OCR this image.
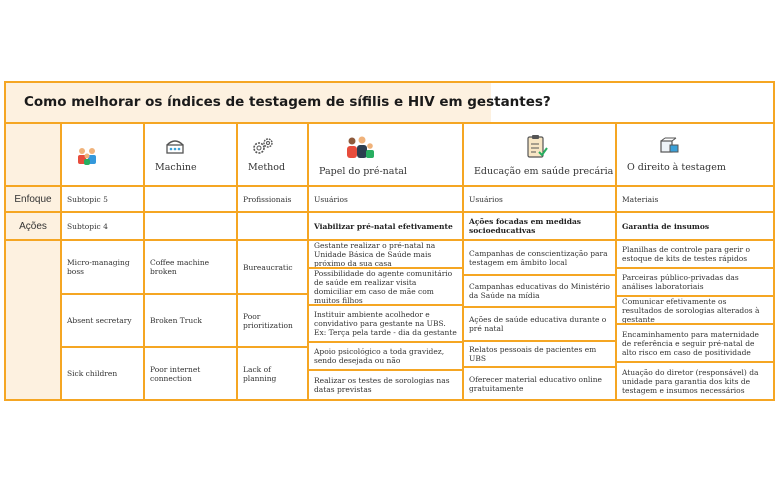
Como melhorar os índices de testagem de sífilis e HIV em gestantes?
Enfoque
Ações
Subtopic 5
Subtopic 4
Micro-managing boss
Absent secretary
Sick children
Machine
Coffee machine broken
Broken Truck
Poor internet connection
Method
Profissionais
Bureaucratic
Poor prioritization
Lack of planning
Papel do pré-natal
Usuários
Viabilizar pré-natal efetivamente
Gestante realizar o pré-natal na Unidade Básica de Saúde mais próximo da sua casa
Possibilidade do agente comunitário de saúde em realizar visita domiciliar em caso de mãe com muitos filhos
Instituir ambiente acolhedor e convidativo para gestante na UBS. Ex: Terça pela tarde - dia da gestante
Apoio psicológico a toda gravidez, sendo desejada ou não
Realizar os testes de sorologias nas datas previstas
Educação em saúde precária
Usuários
Ações focadas em medidas socioeducativas
Campanhas de conscientização para testagem em âmbito local
Campanhas educativas do Ministério da Saúde na mídia
Ações de saúde educativa durante o pré natal
Relatos pessoais de pacientes em UBS
Oferecer material educativo online gratuitamente
O direito à testagem
Materiais
Garantia de insumos
Planilhas de controle para gerir o estoque de kits de testes rápidos
Parceiras público-privadas das análises laboratoriais
Comunicar efetivamente os resultados de sorologias alterados à gestante
Encaminhamento para maternidade de referência e seguir pré-natal de alto risco em caso de positividade
Atuação do diretor (responsável) da unidade para garantia dos kits de testagem e insumos necessários
